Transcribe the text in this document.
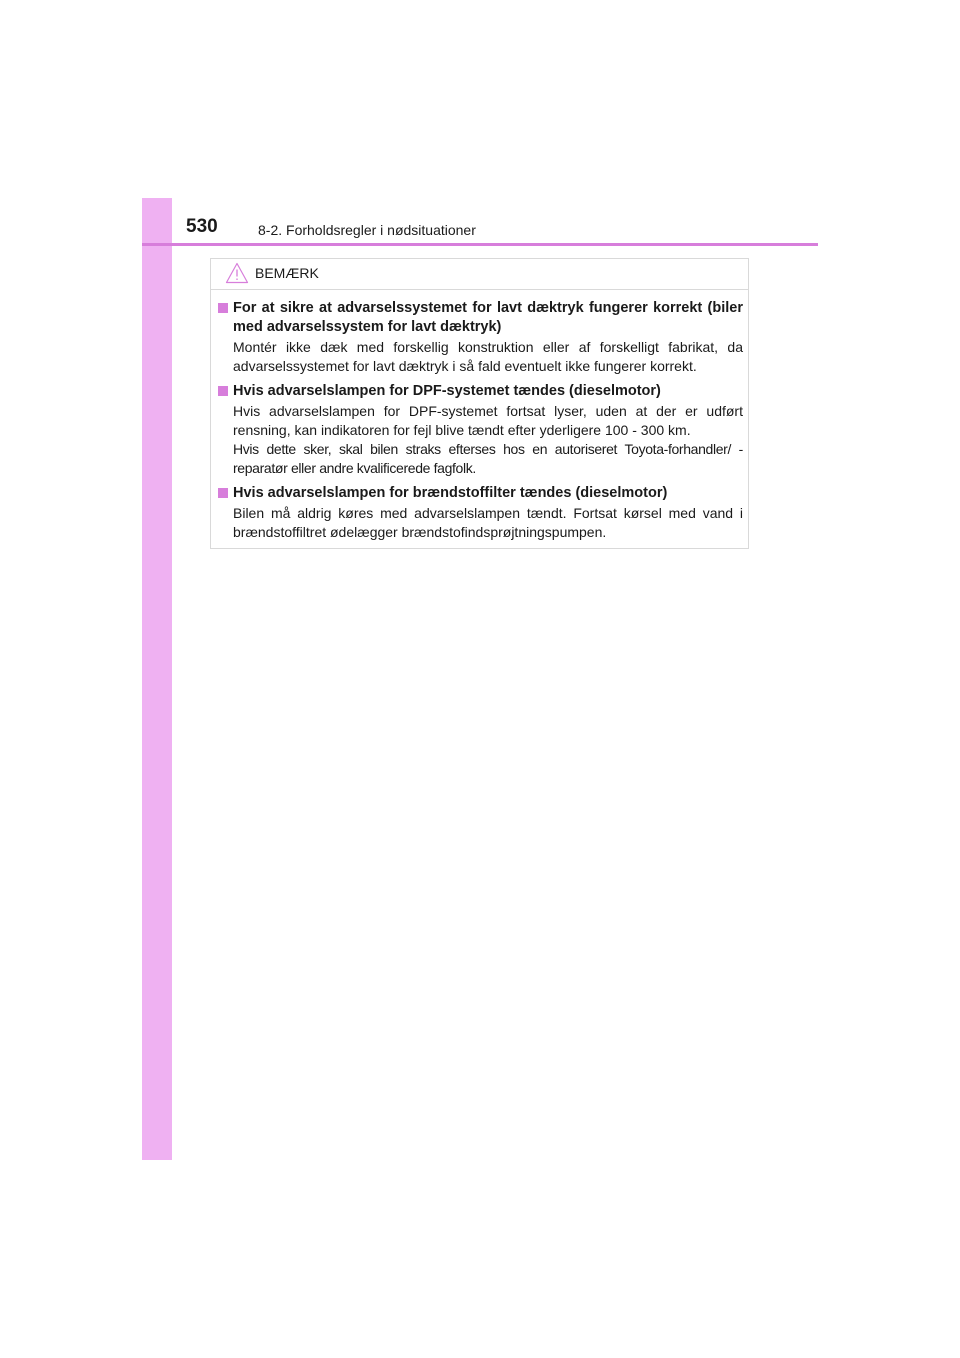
530	8-2. Forholdsregler i nødsituationer
BEMÆRK
For at sikre at advarselssystemet for lavt dæktryk fungerer korrekt (biler med advarselssystem for lavt dæktryk)
Montér ikke dæk med forskellig konstruktion eller af forskelligt fabrikat, da advarselssystemet for lavt dæktryk i så fald eventuelt ikke fungerer korrekt.
Hvis advarselslampen for DPF-systemet tændes (dieselmotor)
Hvis advarselslampen for DPF-systemet fortsat lyser, uden at der er udført rensning, kan indikatoren for fejl blive tændt efter yderligere 100 - 300 km.
Hvis dette sker, skal bilen straks efterses hos en autoriseret Toyota-forhandler/ -reparatør eller andre kvalificerede fagfolk.
Hvis advarselslampen for brændstoffilter tændes (dieselmotor)
Bilen må aldrig køres med advarselslampen tændt. Fortsat kørsel med vand i brændstoffiltret ødelægger brændstofindsprøjtningspumpen.
